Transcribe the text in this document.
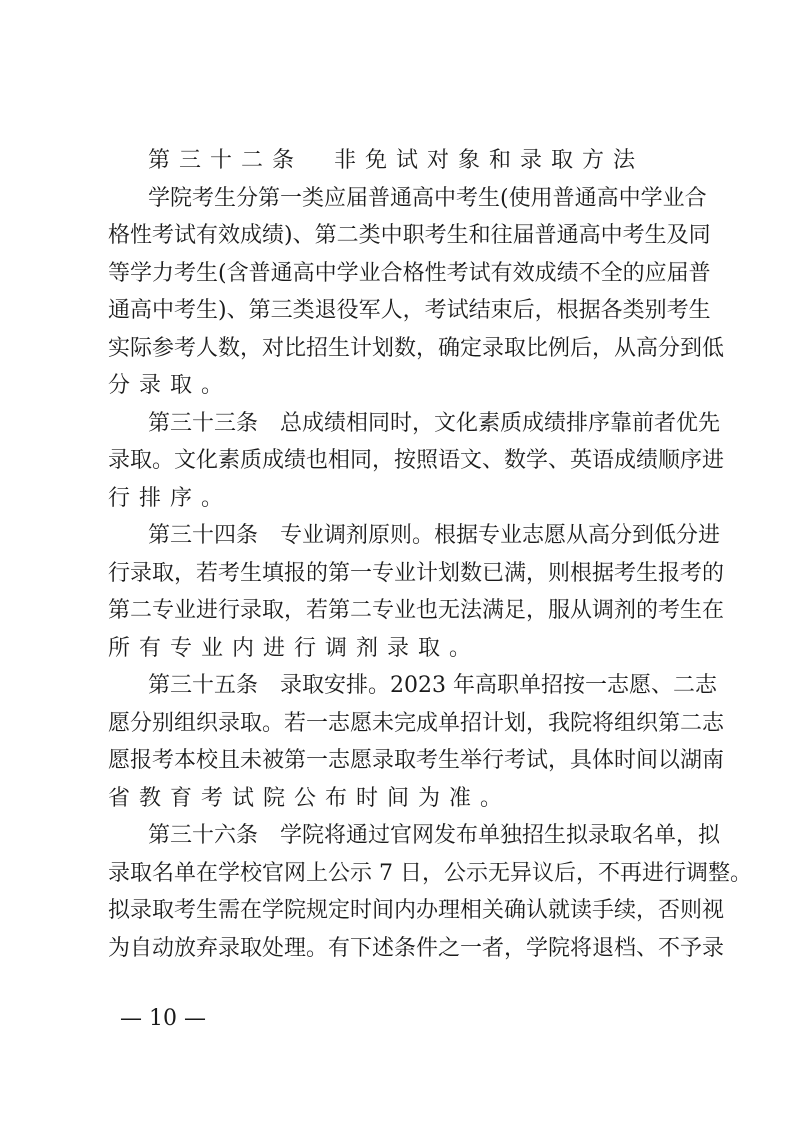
第三十二条　非免试对象和录取方法
学院考生分第一类应届普通高中考生(使用普通高中学业合
格性考试有效成绩)、第二类中职考生和往届普通高中考生及同
等学力考生(含普通高中学业合格性考试有效成绩不全的应届普
通高中考生)、第三类退役军人，考试结束后，根据各类别考生
实际参考人数，对比招生计划数，确定录取比例后，从高分到低
分录取。
第三十三条　总成绩相同时，文化素质成绩排序靠前者优先
录取。文化素质成绩也相同，按照语文、数学、英语成绩顺序进
行排序。
第三十四条　专业调剂原则。根据专业志愿从高分到低分进
行录取，若考生填报的第一专业计划数已满，则根据考生报考的
第二专业进行录取，若第二专业也无法满足，服从调剂的考生在
所有专业内进行调剂录取。
第三十五条　录取安排。2023 年高职单招按一志愿、二志
愿分别组织录取。若一志愿未完成单招计划，我院将组织第二志
愿报考本校且未被第一志愿录取考生举行考试，具体时间以湖南
省教育考试院公布时间为准。
第三十六条　学院将通过官网发布单独招生拟录取名单，拟
录取名单在学校官网上公示 7 日，公示无异议后，不再进行调整。
拟录取考生需在学院规定时间内办理相关确认就读手续，否则视
为自动放弃录取处理。有下述条件之一者，学院将退档、不予录
— 10 —
